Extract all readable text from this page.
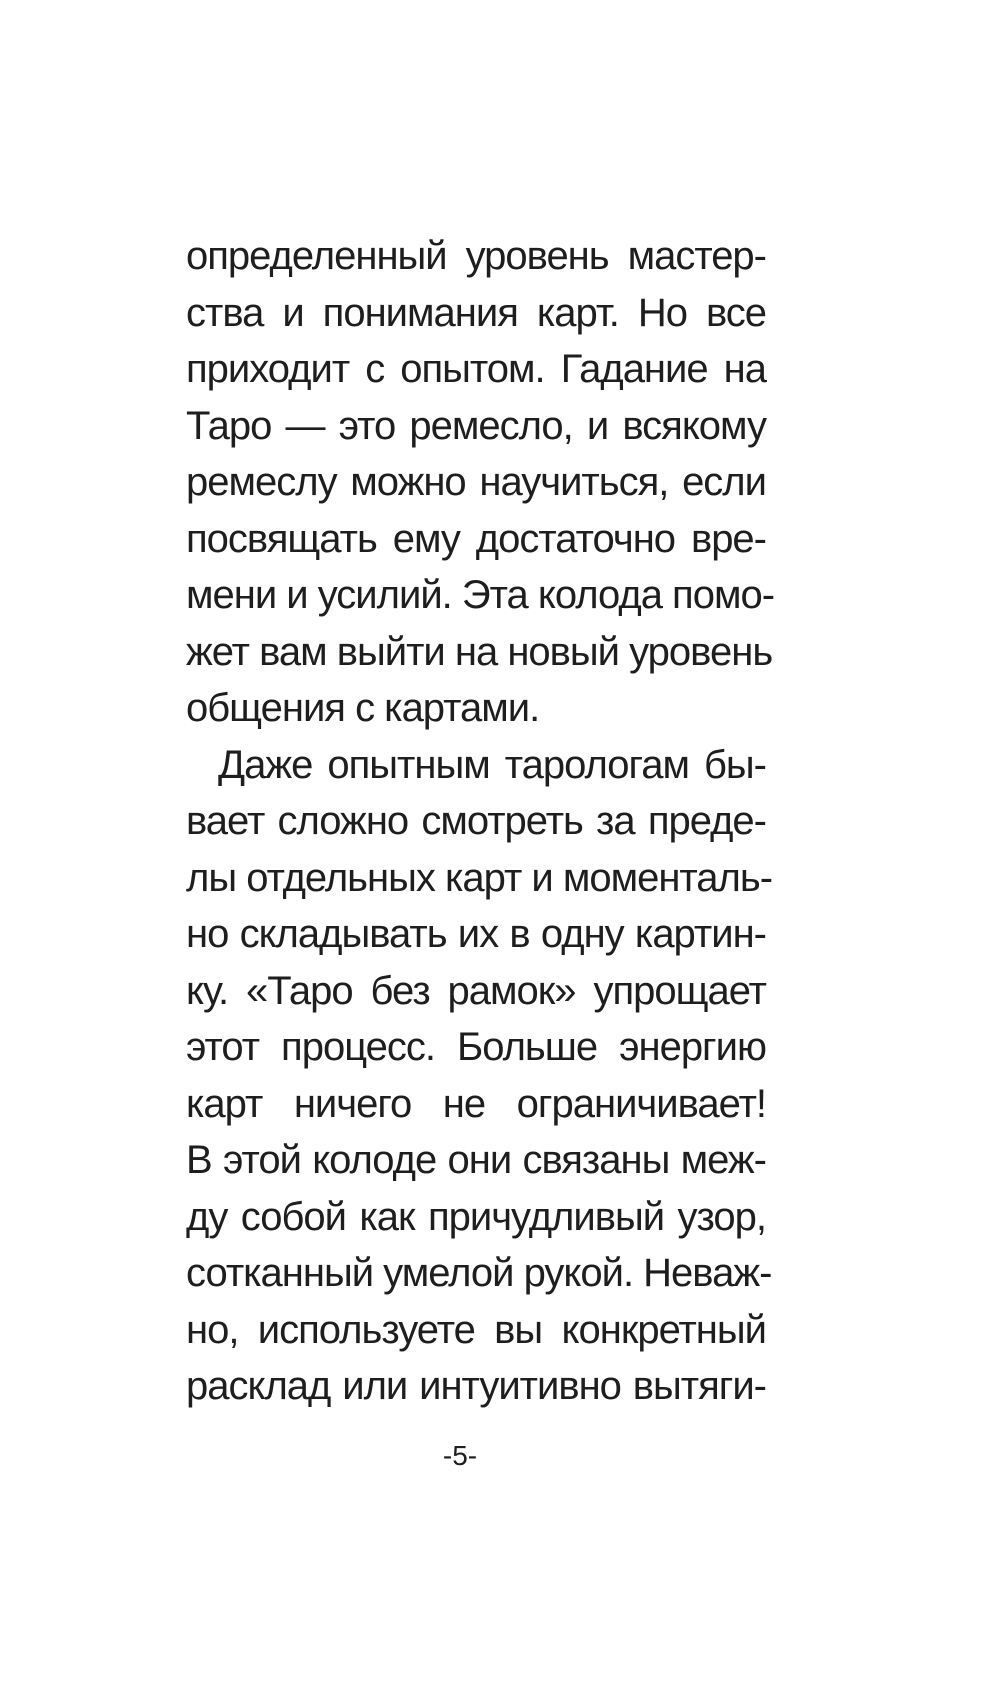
определенный уровень мастер-
ства и понимания карт. Но все
приходит с опытом. Гадание на
Таро — это ремесло, и всякому
ремеслу можно научиться, если
посвящать ему достаточно вре-
мени и усилий. Эта колода помо-
жет вам выйти на новый уровень
общения с картами.
Даже опытным тарологам бы-
вает сложно смотреть за преде-
лы отдельных карт и моменталь-
но складывать их в одну картин-
ку. «Таро без рамок» упрощает
этот процесс. Больше энергию
карт ничего не ограничивает!
В этой колоде они связаны меж-
ду собой как причудливый узор,
сотканный умелой рукой. Неваж-
но, используете вы конкретный
расклад или интуитивно вытяги-
-5-
